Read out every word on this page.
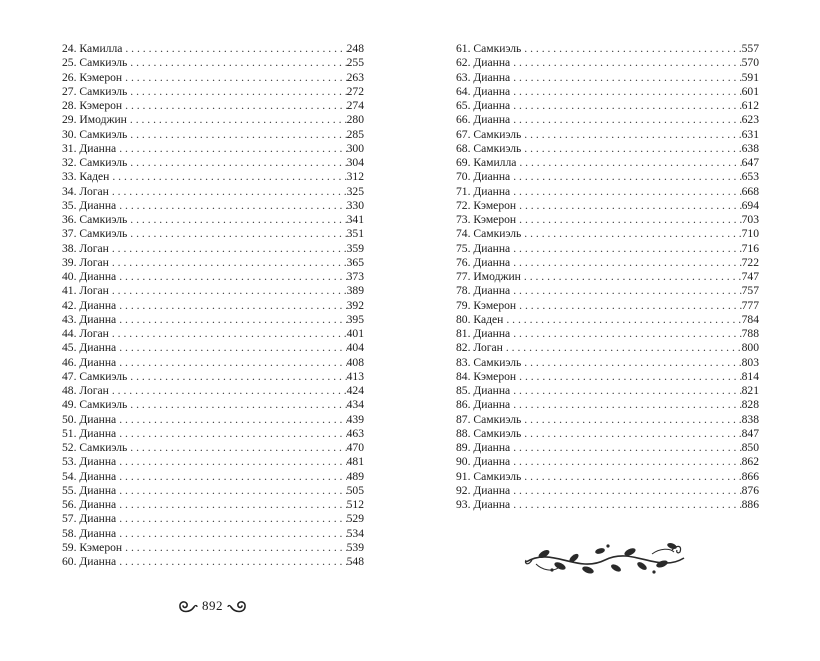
24. Камилла . . .	248
25. Самкиэль . . .	255
26. Кэмерон . . .	263
27. Самкиэль . . .	272
28. Кэмерон . . .	274
29. Имоджин . . .	280
30. Самкиэль . . .	285
31. Дианна . . .	300
32. Самкиэль . . .	304
33. Каден . . .	312
34. Логан . . .	325
35. Дианна . . .	330
36. Самкиэль . . .	341
37. Самкиэль . . .	351
38. Логан . . .	359
39. Логан . . .	365
40. Дианна . . .	373
41. Логан . . .	389
42. Дианна . . .	392
43. Дианна . . .	395
44. Логан . . .	401
45. Дианна . . .	404
46. Дианна . . .	408
47. Самкиэль . . .	413
48. Логан . . .	424
49. Самкиэль . . .	434
50. Дианна . . .	439
51. Дианна . . .	463
52. Самкиэль . . .	470
53. Дианна . . .	481
54. Дианна . . .	489
55. Дианна . . .	505
56. Дианна . . .	512
57. Дианна . . .	529
58. Дианна . . .	534
59. Кэмерон . . .	539
60. Дианна . . .	548
61. Самкиэль . . .	557
62. Дианна . . .	570
63. Дианна . . .	591
64. Дианна . . .	601
65. Дианна . . .	612
66. Дианна . . .	623
67. Самкиэль . . .	631
68. Самкиэль . . .	638
69. Камилла . . .	647
70. Дианна . . .	653
71. Дианна . . .	668
72. Кэмерон . . .	694
73. Кэмерон . . .	703
74. Самкиэль . . .	710
75. Дианна . . .	716
76. Дианна . . .	722
77. Имоджин . . .	747
78. Дианна . . .	757
79. Кэмерон . . .	777
80. Каден . . .	784
81. Дианна . . .	788
82. Логан . . .	800
83. Самкиэль . . .	803
84. Кэмерон . . .	814
85. Дианна . . .	821
86. Дианна . . .	828
87. Самкиэль . . .	838
88. Самкиэль . . .	847
89. Дианна . . .	850
90. Дианна . . .	862
91. Самкиэль . . .	866
92. Дианна . . .	876
93. Дианна . . .	886
892
